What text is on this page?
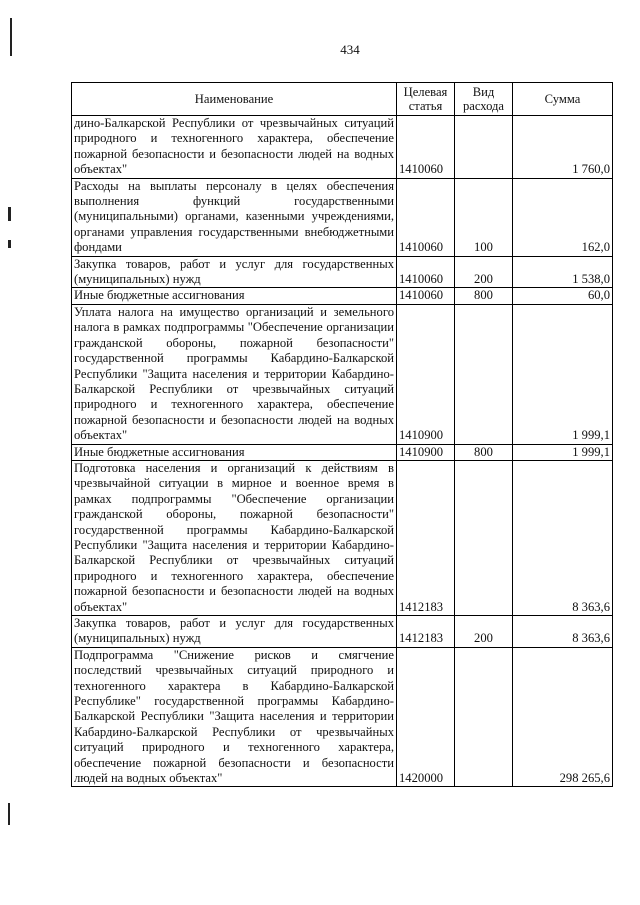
434
Наименование	Целевая статья	Вид расхода	Сумма
дино-Балкарской Республики от чрезвычайных ситуаций природного и техногенного характера, обеспечение пожарной безопасности и безопасности людей на водных объектах"	1410060		1 760,0
Расходы на выплаты персоналу в целях обеспечения выполнения функций государственными (муниципальными) органами, казенными учреждениями, органами управления государственными внебюджетными фондами	1410060	100	162,0
Закупка товаров, работ и услуг для государственных (муниципальных) нужд	1410060	200	1 538,0
Иные бюджетные ассигнования	1410060	800	60,0
Уплата налога на имущество организаций и земельного налога в рамках подпрограммы "Обеспечение организации гражданской обороны, пожарной безопасности" государственной программы Кабардино-Балкарской Республики "Защита населения и территории Кабардино-Балкарской Республики от чрезвычайных ситуаций природного и техногенного характера, обеспечение пожарной безопасности и безопасности людей на водных объектах"	1410900		1 999,1
Иные бюджетные ассигнования	1410900	800	1 999,1
Подготовка населения и организаций к действиям в чрезвычайной ситуации в мирное и военное время в рамках подпрограммы "Обеспечение организации гражданской обороны, пожарной безопасности" государственной программы Кабардино-Балкарской Республики "Защита населения и территории Кабардино-Балкарской Республики от чрезвычайных ситуаций природного и техногенного характера, обеспечение пожарной безопасности и безопасности людей на водных объектах"	1412183		8 363,6
Закупка товаров, работ и услуг для государственных (муниципальных) нужд	1412183	200	8 363,6
Подпрограмма "Снижение рисков и смягчение последствий чрезвычайных ситуаций природного и техногенного характера в Кабардино-Балкарской Республике" государственной программы Кабардино-Балкарской Республики "Защита населения и территории Кабардино-Балкарской Республики от чрезвычайных ситуаций природного и техногенного характера, обеспечение пожарной безопасности и безопасности людей на водных объектах"	1420000		298 265,6
